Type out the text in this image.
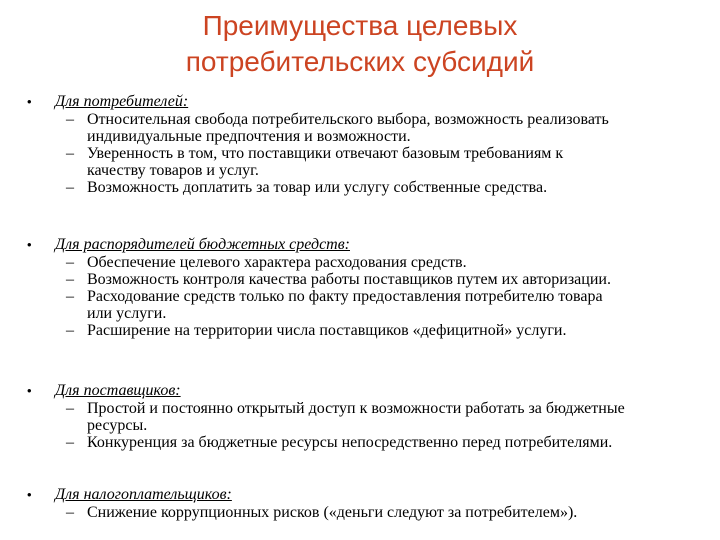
Преимущества целевых
потребительских субсидий
• Для потребителей:
– Относительная свобода потребительского выбора, возможность реализовать
индивидуальные предпочтения и возможности.
– Уверенность в том, что поставщики отвечают базовым требованиям к
качеству товаров и услуг.
– Возможность доплатить за товар или услугу собственные средства.
• Для распорядителей бюджетных средств:
– Обеспечение целевого характера расходования средств.
– Возможность контроля качества работы поставщиков путем их авторизации.
– Расходование средств только по факту предоставления потребителю товара
или услуги.
– Расширение на территории числа поставщиков «дефицитной» услуги.
• Для поставщиков:
– Простой и постоянно открытый доступ к возможности работать за бюджетные
ресурсы.
– Конкуренция за бюджетные ресурсы непосредственно перед потребителями.
• Для налогоплательщиков:
– Снижение коррупционных рисков («деньги следуют за потребителем»).
